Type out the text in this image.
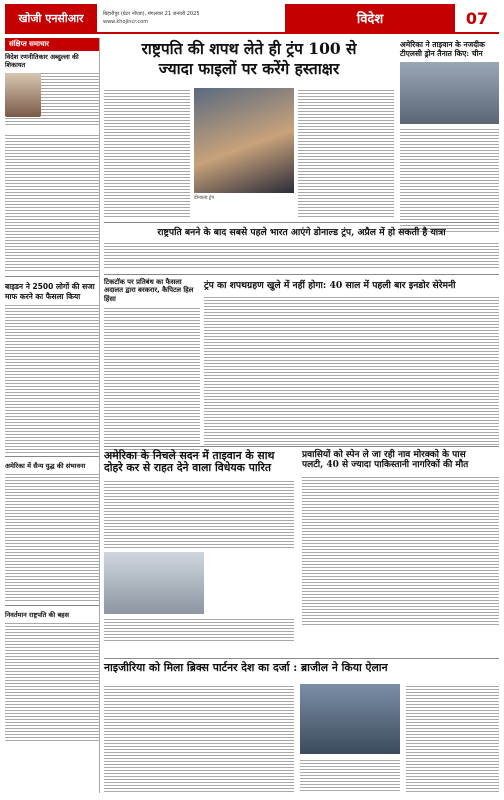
खोजी एनसीआर	बिहारीपुर (ग्रेटर नोएडा), मंगलवार 21 जनवरी 2025
www.khojincr.com	विदेश	07
संक्षिप्त समाचार
विदेश रणनीतिकार अब्दुल्ला की शिकायत
बाइडन ने 2500 लोगों की सजा माफ करने का फैसला किया
अमेरिका में सैन्य युद्ध की संभावना
निवर्तमान राष्ट्रपति की बहस
राष्ट्रपति की शपथ लेते ही ट्रंप 100 से
ज्यादा फाइलों पर करेंगे हस्ताक्षर
डोनाल्ड ट्रंप
अमेरिका ने ताइवान के नजदीक टीएलसी ड्रोन तैनात किए: चीन
राष्ट्रपति बनने के बाद सबसे पहले भारत आएंगे डोनाल्ड ट्रंप, अप्रैल में हो सकती है यात्रा
टिकटॉक पर प्रतिबंध का फैसला अदालत द्वारा बरकरार, कैपिटल हिल हिंसा
ट्रंप का शपथग्रहण खुले में नहीं होगा: 40 साल में पहली बार इनडोर सेरेमनी
अमेरिका के निचले सदन में ताइवान के साथ
दोहरे कर से राहत देने वाला विधेयक पारित
प्रवासियों को स्पेन ले जा रही नाव मोरक्को के पास
पलटी, 40 से ज्यादा पाकिस्तानी नागरिकों की मौत
नाइजीरिया को मिला ब्रिक्स पार्टनर देश का दर्जा : ब्राजील ने किया ऐलान
